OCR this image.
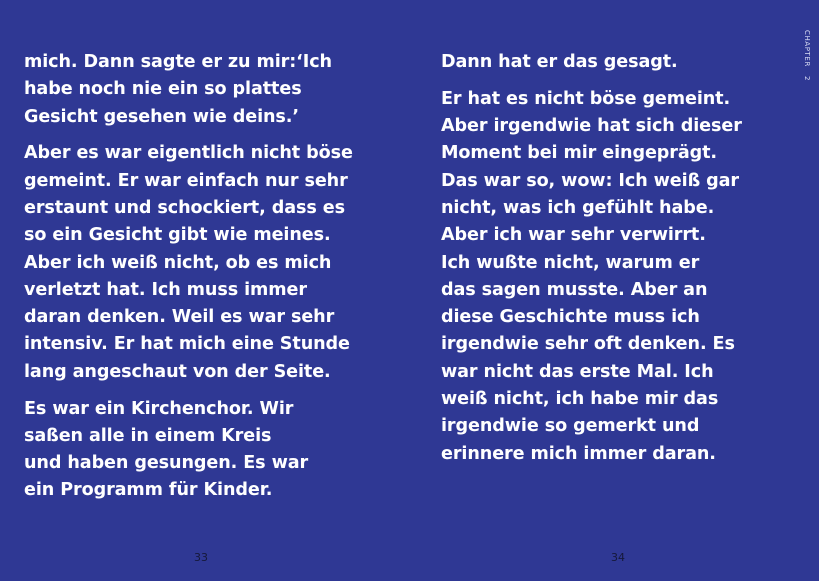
mich. Dann sagte er zu mir:‘Ich
habe noch nie ein so plattes
Gesicht gesehen wie deins.’

Aber es war eigentlich nicht böse
gemeint. Er war einfach nur sehr
erstaunt und schockiert, dass es
so ein Gesicht gibt wie meines.
Aber ich weiß nicht, ob es mich
verletzt hat. Ich muss immer
daran denken. Weil es war sehr
intensiv. Er hat mich eine Stunde
lang angeschaut von der Seite.

Es war ein Kirchenchor. Wir
saßen alle in einem Kreis
und haben gesungen. Es war
ein Programm für Kinder.

33

Dann hat er das gesagt.

Er hat es nicht böse gemeint.
Aber irgendwie hat sich dieser
Moment bei mir eingeprägt.
Das war so, wow: Ich weiß gar
nicht, was ich gefühlt habe.
Aber ich war sehr verwirrt.
Ich wußte nicht, warum er
das sagen musste. Aber an
diese Geschichte muss ich
irgendwie sehr oft denken. Es
war nicht das erste Mal. Ich
weiß nicht, ich habe mir das
irgendwie so gemerkt und
erinnere mich immer daran.

34
CHAPTER 2
